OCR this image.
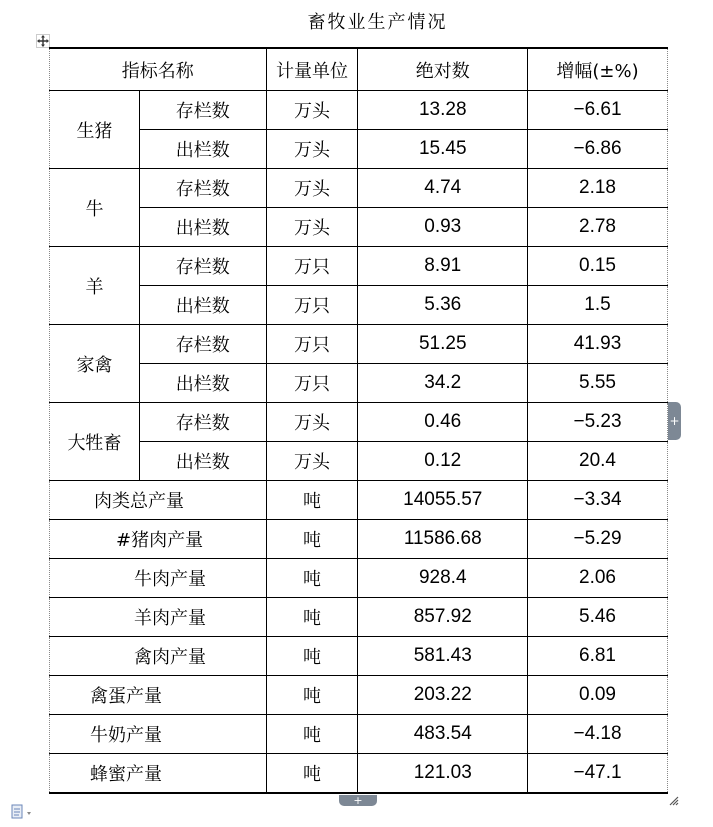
畜牧业生产情况
指标名称		计量单位	绝对数	增幅(±%)
生猪	存栏数	万头	13.28	−6.61
	出栏数	万头	15.45	−6.86
牛	存栏数	万头	4.74	2.18
	出栏数	万头	0.93	2.78
羊	存栏数	万只	8.91	0.15
	出栏数	万只	5.36	1.5
家禽	存栏数	万只	51.25	41.93
	出栏数	万只	34.2	5.55
大牲畜	存栏数	万头	0.46	−5.23
	出栏数	万头	0.12	20.4
肉类总产量		吨	14055.57	−3.34
#猪肉产量		吨	11586.68	−5.29
牛肉产量		吨	928.4	2.06
羊肉产量		吨	857.92	5.46
禽肉产量		吨	581.43	6.81
禽蛋产量		吨	203.22	0.09
牛奶产量		吨	483.54	−4.18
蜂蜜产量		吨	121.03	−47.1
+
+
